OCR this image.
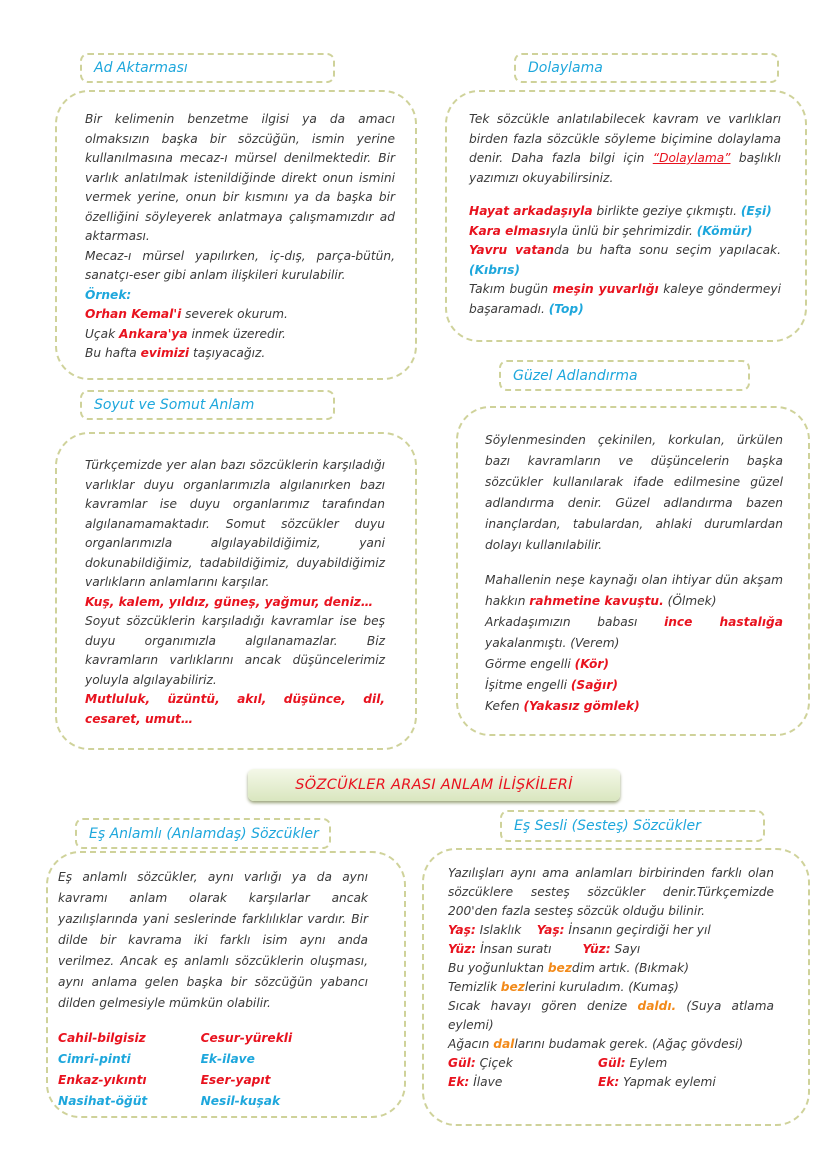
Ad Aktarması
Bir kelimenin benzetme ilgisi ya da amacı olmaksızın başka bir sözcüğün, ismin yerine kullanılmasına mecaz-ı mürsel denilmektedir. Bir varlık anlatılmak istenildiğinde direkt onun ismini vermek yerine, onun bir kısmını ya da başka bir özelliğini söyleyerek anlatmaya çalışmamızdır ad aktarması.
Mecaz-ı mürsel yapılırken, iç-dış, parça-bütün, sanatçı-eser gibi anlam ilişkileri kurulabilir.
Örnek:
Orhan Kemal'i severek okurum.
Uçak Ankara'ya inmek üzeredir.
Bu hafta evimizi taşıyacağız.
Dolaylama
Tek sözcükle anlatılabilecek kavram ve varlıkları birden fazla sözcükle söyleme biçimine dolaylama denir. Daha fazla bilgi için “Dolaylama” başlıklı yazımızı okuyabilirsiniz.
Hayat arkadaşıyla birlikte geziye çıkmıştı. (Eşi)
Kara elmasıyla ünlü bir şehrimizdir. (Kömür)
Yavru vatanda bu hafta sonu seçim yapılacak. (Kıbrıs)
Takım bugün meşin yuvarlığı kaleye göndermeyi başaramadı. (Top)
Soyut ve Somut Anlam
Türkçemizde yer alan bazı sözcüklerin karşıladığı varlıklar duyu organlarımızla algılanırken bazı kavramlar ise duyu organlarımız tarafından algılanamamaktadır. Somut sözcükler duyu organlarımızla algılayabildiğimiz, yani dokunabildiğimiz, tadabildiğimiz, duyabildiğimiz varlıkların anlamlarını karşılar.
Kuş, kalem, yıldız, güneş, yağmur, deniz…
Soyut sözcüklerin karşıladığı kavramlar ise beş duyu organımızla algılanamazlar. Biz kavramların varlıklarını ancak düşüncelerimiz yoluyla algılayabiliriz.
Mutluluk, üzüntü, akıl, düşünce, dil, cesaret, umut…
Güzel Adlandırma
Söylenmesinden çekinilen, korkulan, ürkülen bazı kavramların ve düşüncelerin başka sözcükler kullanılarak ifade edilmesine güzel adlandırma denir. Güzel adlandırma bazen inançlardan, tabulardan, ahlaki durumlardan dolayı kullanılabilir.
Mahallenin neşe kaynağı olan ihtiyar dün akşam hakkın rahmetine kavuştu. (Ölmek)
Arkadaşımızın babası ince hastalığa yakalanmıştı. (Verem)
Görme engelli (Kör)
İşitme engelli (Sağır)
Kefen (Yakasız gömlek)
SÖZCÜKLER ARASI ANLAM İLİŞKİLERİ
Eş Anlamlı (Anlamdaş) Sözcükler
Eş anlamlı sözcükler, aynı varlığı ya da aynı kavramı anlam olarak karşılarlar ancak yazılışlarında yani seslerinde farklılıklar vardır. Bir dilde bir kavrama iki farklı isim aynı anda verilmez. Ancak eş anlamlı sözcüklerin oluşması, aynı anlama gelen başka bir sözcüğün yabancı dilden gelmesiyle mümkün olabilir.
Cahil-bilgisiz	Cesur-yürekli
Cimri-pinti	Ek-ilave
Enkaz-yıkıntı	Eser-yapıt
Nasihat-öğüt	Nesil-kuşak
Eş Sesli (Sesteş) Sözcükler
Yazılışları aynı ama anlamları birbirinden farklı olan sözcüklere sesteş sözcükler denir.Türkçemizde 200'den fazla sesteş sözcük olduğu bilinir.
Yaş: Islaklık    Yaş: İnsanın geçirdiği her yıl
Yüz: İnsan suratı        Yüz: Sayı
Bu yoğunluktan bezdim artık. (Bıkmak)
Temizlik bezlerini kuruladım. (Kumaş)
Sıcak havayı gören denize daldı. (Suya atlama eylemi)
Ağacın dallarını budamak gerek. (Ağaç gövdesi)
Gül: Çiçek	Gül: Eylem
Ek: İlave	Ek: Yapmak eylemi
